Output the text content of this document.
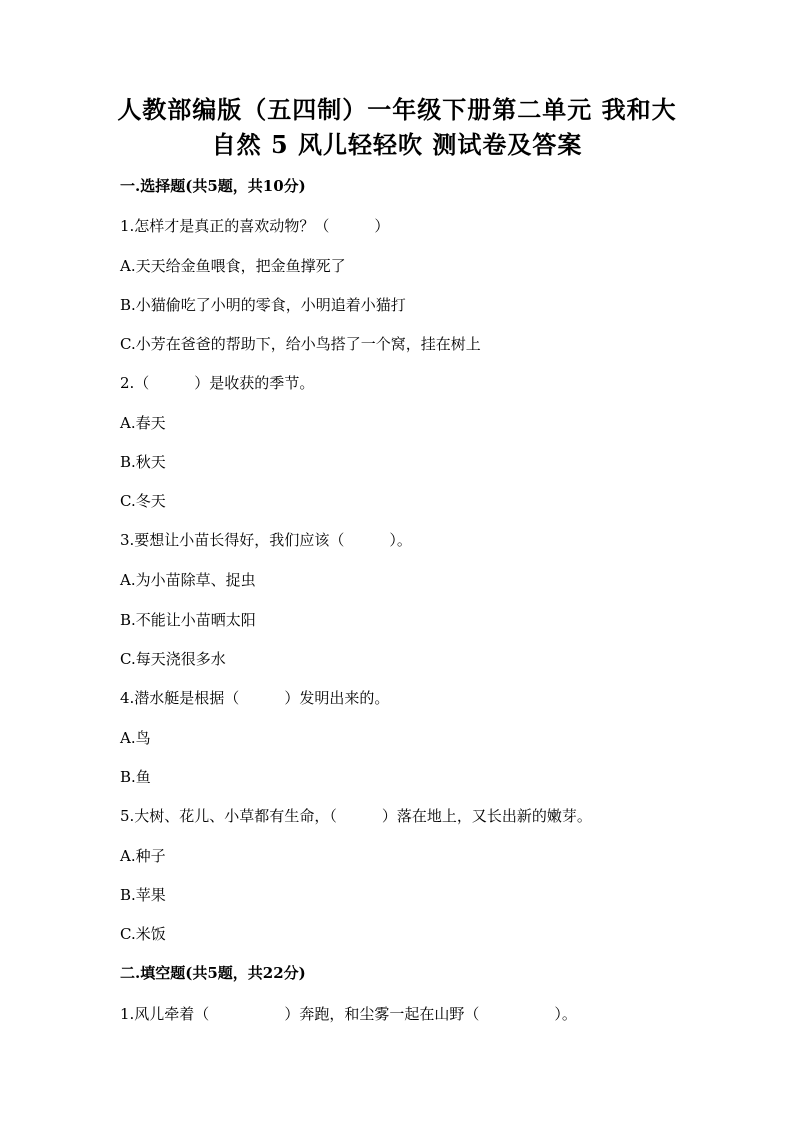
人教部编版（五四制）一年级下册第二单元 我和大
自然 5 风儿轻轻吹 测试卷及答案
一.选择题(共5题，共10分)
1.怎样才是真正的喜欢动物？（　　　）
A.天天给金鱼喂食，把金鱼撑死了
B.小猫偷吃了小明的零食，小明追着小猫打
C.小芳在爸爸的帮助下，给小鸟搭了一个窝，挂在树上
2.（　　　）是收获的季节。
A.春天
B.秋天
C.冬天
3.要想让小苗长得好，我们应该（　　　）。
A.为小苗除草、捉虫
B.不能让小苗晒太阳
C.每天浇很多水
4.潜水艇是根据（　　　）发明出来的。
A.鸟
B.鱼
5.大树、花儿、小草都有生命，（　　　）落在地上，又长出新的嫩芽。
A.种子
B.苹果
C.米饭
二.填空题(共5题，共22分)
1.风儿牵着（　　　　　）奔跑，和尘雾一起在山野（　　　　　）。
